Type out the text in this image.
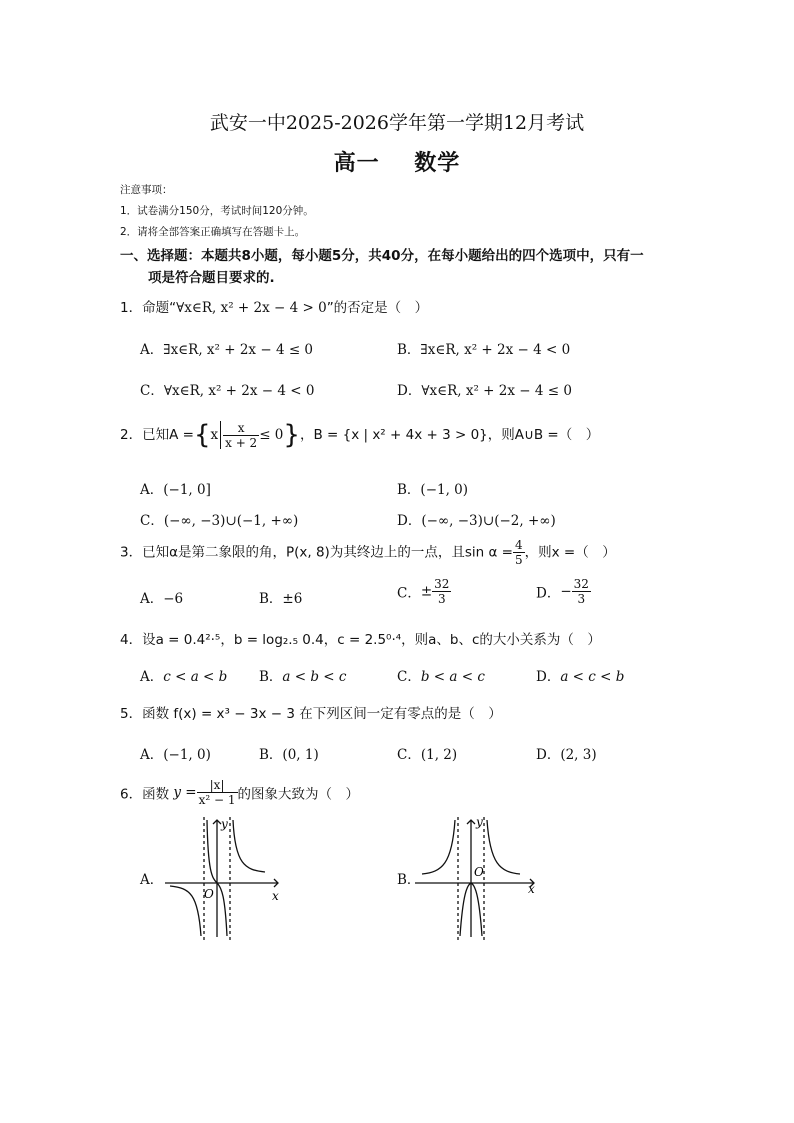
武安一中2025-2026学年第一学期12月考试
高一    数学
注意事项：
1．试卷满分150分，考试时间120分钟。
2．请将全部答案正确填写在答题卡上。
一、选择题：本题共8小题，每小题5分，共40分，在每小题给出的四个选项中，只有一
项是符合题目要求的.
1．命题“∀x∈R, x² + 2x − 4 > 0”的否定是（　）
A．∃x∈R, x² + 2x − 4 ≤ 0	B．∃x∈R, x² + 2x − 4 < 0
C．∀x∈R, x² + 2x − 4 < 0	D．∀x∈R, x² + 2x − 4 ≤ 0
2．已知$A =\{x \frac{x}{x + 2} \le 0\}$，B = {x | x² + 4x + 3 > 0}，则A∪B =（　）
A．(−1, 0]	B．(−1, 0)
C．(−∞, −3)∪(−1, +∞)	D．(−∞, −3)∪(−2, +∞)
3．已知α是第二象限的角，P(x, 8)为其终边上的一点，且$\sin \alpha = \frac{4}{5}$ ，则x =（　）
A．−6	B．±6	C．± $\frac{32}{3}$	D．− $\frac{32}{3}$
4．设a = 0.4²·⁵，b = log₂.₅ 0.4，c = 2.5⁰·⁴，则a、b、c的大小关系为（　）
A．c < a < b B．a < b < c	C．b < a < c	D．a < c < b
5．函数 f(x) = x³ − 3x − 3 在下列区间一定有零点的是（　）
A．(−1, 0)	B．(0, 1)	C．(1, 2)	D．(2, 3)
6．函数 $y = \frac{|x|}{\text{x² − 1}}$ 的图象大致为（　）
A．	B．
y
x
O
y
x
O
